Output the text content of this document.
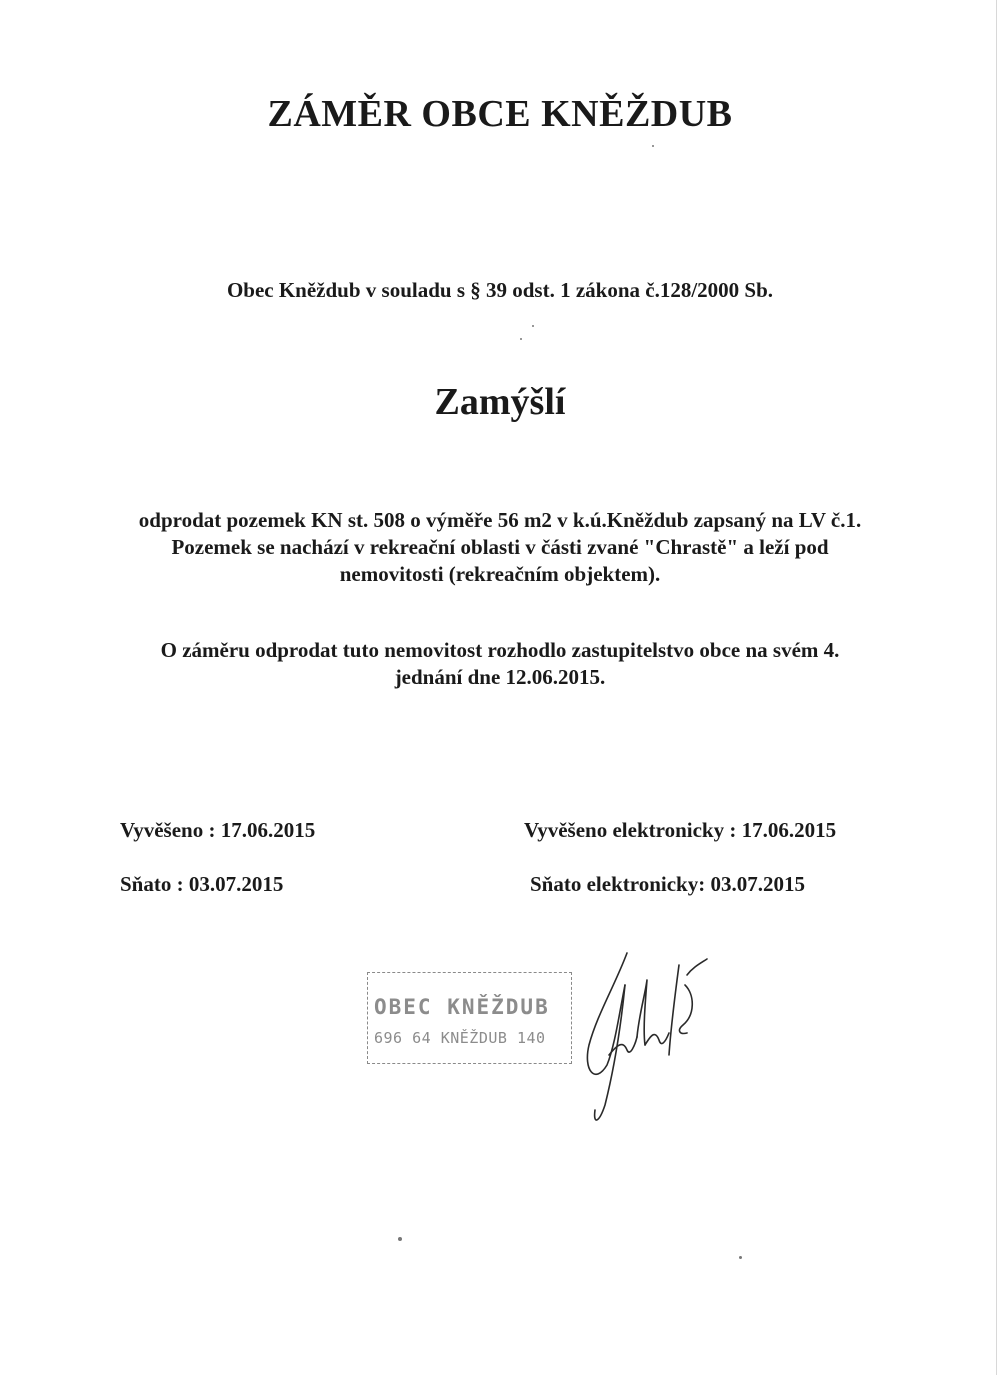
ZÁMĚR OBCE KNĚŽDUB

Obec Kněždub v souladu s § 39 odst. 1 zákona č.128/2000 Sb.

Zamýšlí

odprodat pozemek KN st. 508 o výměře 56 m2 v k.ú.Kněždub zapsaný na LV č.1.
Pozemek se nachází v rekreační oblasti v části zvané "Chrastě" a leží pod
nemovitosti (rekreačním objektem).

O záměru odprodat tuto nemovitost rozhodlo zastupitelstvo obce na svém 4.
jednání dne 12.06.2015.

Vyvěšeno : 17.06.2015

Sňato : 03.07.2015

Vyvěšeno elektronicky : 17.06.2015

Sňato elektronicky: 03.07.2015

OBEC KNĚŽDUB
696 64 KNĚŽDUB 140
